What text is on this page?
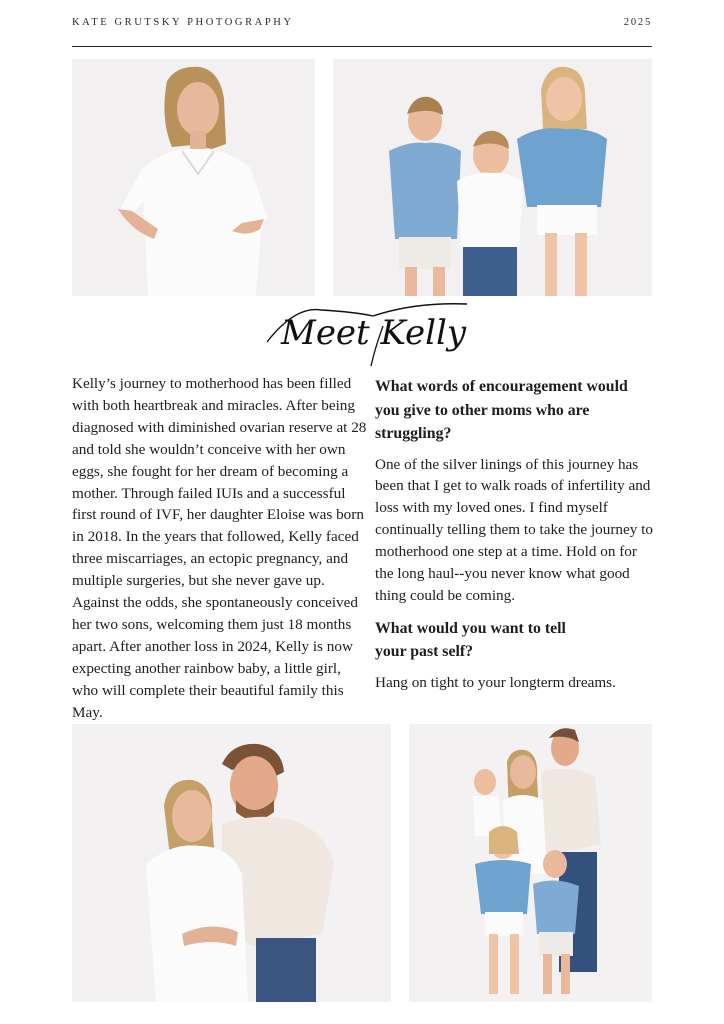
KATE GRUTSKY PHOTOGRAPHY	2025
Meet Kelly

Kelly’s journey to motherhood has been filled with both heartbreak and miracles. After being diagnosed with diminished ovarian reserve at 28 and told she wouldn’t conceive with her own eggs, she fought for her dream of becoming a mother. Through failed IUIs and a successful first round of IVF, her daughter Eloise was born in 2018. In the years that followed, Kelly faced three miscarriages, an ectopic pregnancy, and multiple surgeries, but she never gave up. Against the odds, she spontaneously conceived her two sons, welcoming them just 18 months apart. After another loss in 2024, Kelly is now expecting another rainbow baby, a little girl, who will complete their beautiful family this May.

What words of encouragement would you give to other moms who are struggling?

One of the silver linings of this journey has been that I get to walk roads of infertility and loss with my loved ones. I find myself continually telling them to take the journey to motherhood one step at a time. Hold on for the long haul--you never know what good thing could be coming.

What would you want to tell your past self?

Hang on tight to your longterm dreams.
